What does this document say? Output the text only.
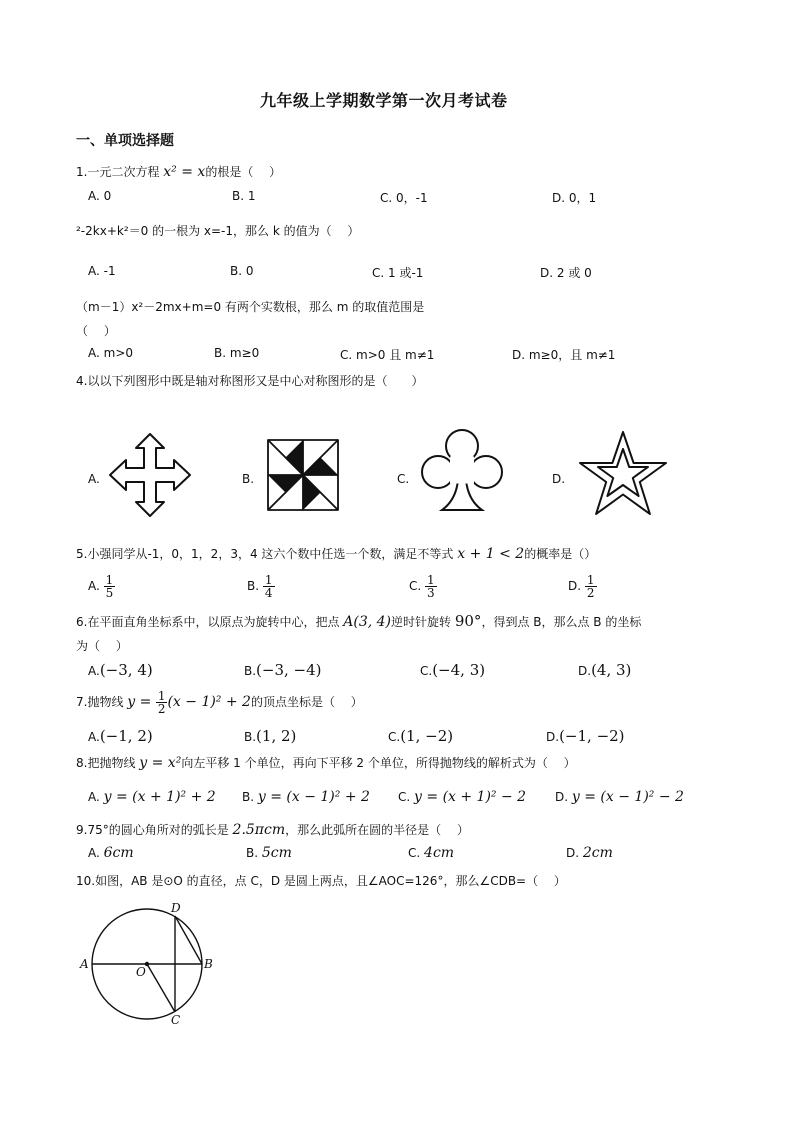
九年级上学期数学第一次月考试卷
一、单项选择题
1.一元二次方程 x² = x的根是（　 ）
A. 0	B. 1	C. 0，-1	D. 0，1
²-2kx+k²＝0 的一根为 x=-1，那么 k 的值为（　 ）
A. -1	B. 0	C. 1 或-1	D. 2 或 0
（m－1）x²－2mx+m=0 有两个实数根，那么 m 的取值范围是
（　 ）
A. m>0	B. m≥0	C. m>0 且 m≠1	D. m≥0，且 m≠1
4.以以下列图形中既是轴对称图形又是中心对称图形的是（　　）
A.	B.	C.	D.
5.小强同学从-1，0，1，2，3，4 这六个数中任选一个数，满足不等式 x + 1 < 2的概率是（）
A. $\frac{1}{5}$	B. $\frac{1}{4}$	C. $\frac{1}{3}$	D. $\frac{1}{2}$
6.在平面直角坐标系中，以原点为旋转中心，把点 A(3, 4)逆时针旋转 90°，得到点 B，那么点 B 的坐标
为（　 ）
A.(−3, 4)	B.(−3, −4)	C.(−4, 3)	D.(4, 3)
7.抛物线 $y = \frac{1}{2} (x - 1)^2 + 2$的顶点坐标是（　 ）
A.(−1, 2)	B.(1, 2)	C.(1, −2)	D.(−1, −2)
8.把抛物线 y = x²向左平移 1 个单位，再向下平移 2 个单位，所得抛物线的解析式为（　 ）
A. y = (x + 1)² + 2 B. y = (x − 1)² + 2 C. y = (x + 1)² − 2 D. y = (x − 1)² − 2
9.75°的圆心角所对的弧长是 2.5πcm，那么此弧所在圆的半径是（　 ）
A. 6cm	B. 5cm	C. 4cm	D. 2cm
10.如图，AB 是⊙O 的直径，点 C，D 是圆上两点，且∠AOC=126°，那么∠CDB=（　 ）
A	B
C
D
O
